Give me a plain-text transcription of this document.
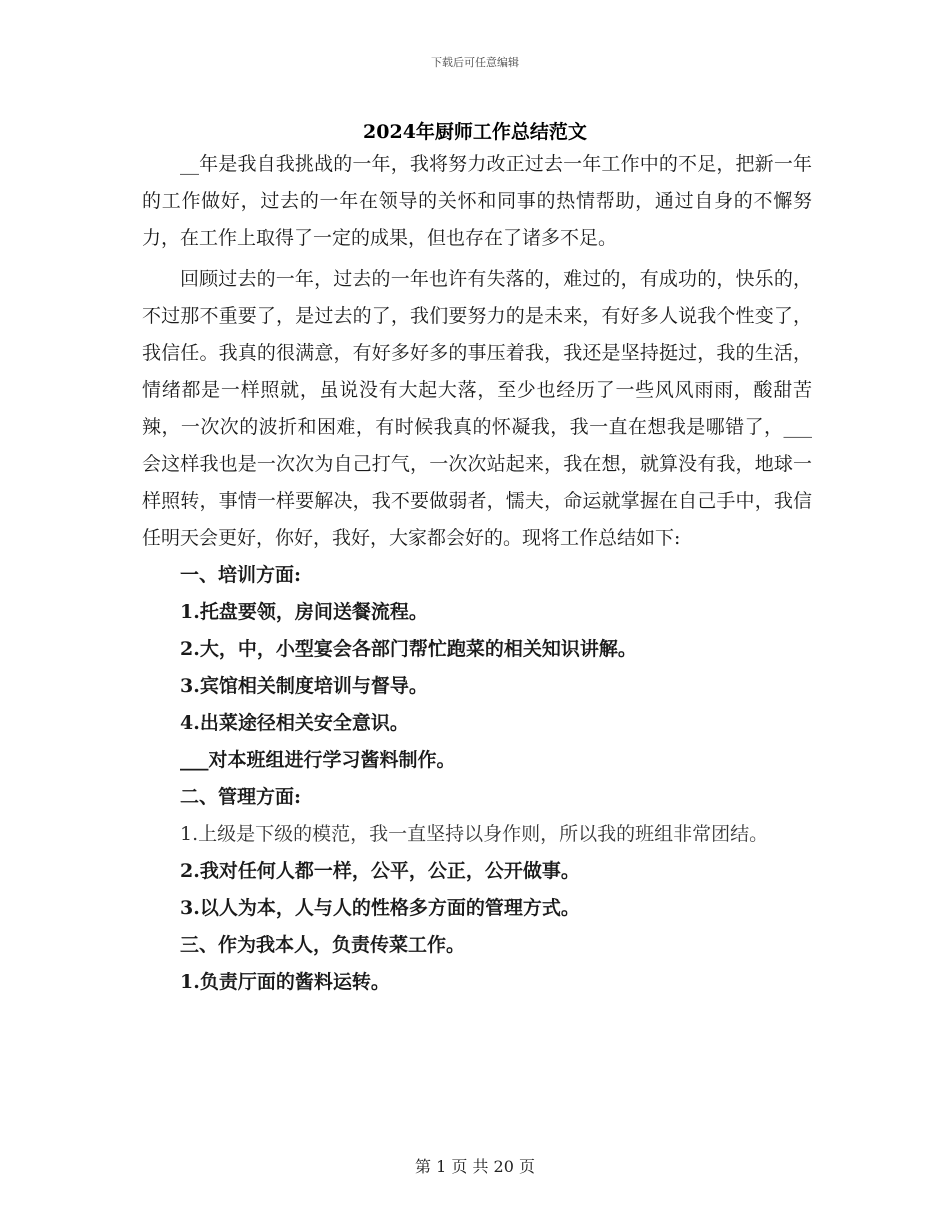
下载后可任意编辑
2024年厨师工作总结范文

__年是我自我挑战的一年，我将努力改正过去一年工作中的不足，把新一年的工作做好，过去的一年在领导的关怀和同事的热情帮助，通过自身的不懈努力，在工作上取得了一定的成果，但也存在了诸多不足。

回顾过去的一年，过去的一年也许有失落的，难过的，有成功的，快乐的，不过那不重要了，是过去的了，我们要努力的是未来，有好多人说我个性变了，我信任。我真的很满意，有好多好多的事压着我，我还是坚持挺过，我的生活，情绪都是一样照就，虽说没有大起大落，至少也经历了一些风风雨雨，酸甜苦辣，一次次的波折和困难，有时候我真的怀凝我，我一直在想我是哪错了，___会这样我也是一次次为自己打气，一次次站起来，我在想，就算没有我，地球一样照转，事情一样要解决，我不要做弱者，懦夫，命运就掌握在自己手中，我信任明天会更好，你好，我好，大家都会好的。现将工作总结如下:

一、培训方面:

1.托盘要领，房间送餐流程。

2.大，中，小型宴会各部门帮忙跑菜的相关知识讲解。

3.宾馆相关制度培训与督导。

4.出菜途径相关安全意识。

___对本班组进行学习酱料制作。

二、管理方面:

1.上级是下级的模范，我一直坚持以身作则，所以我的班组非常团结。

2.我对任何人都一样，公平，公正，公开做事。

3.以人为本，人与人的性格多方面的管理方式。

三、作为我本人，负责传菜工作。

1.负责厅面的酱料运转。

第 1 页 共 20 页
